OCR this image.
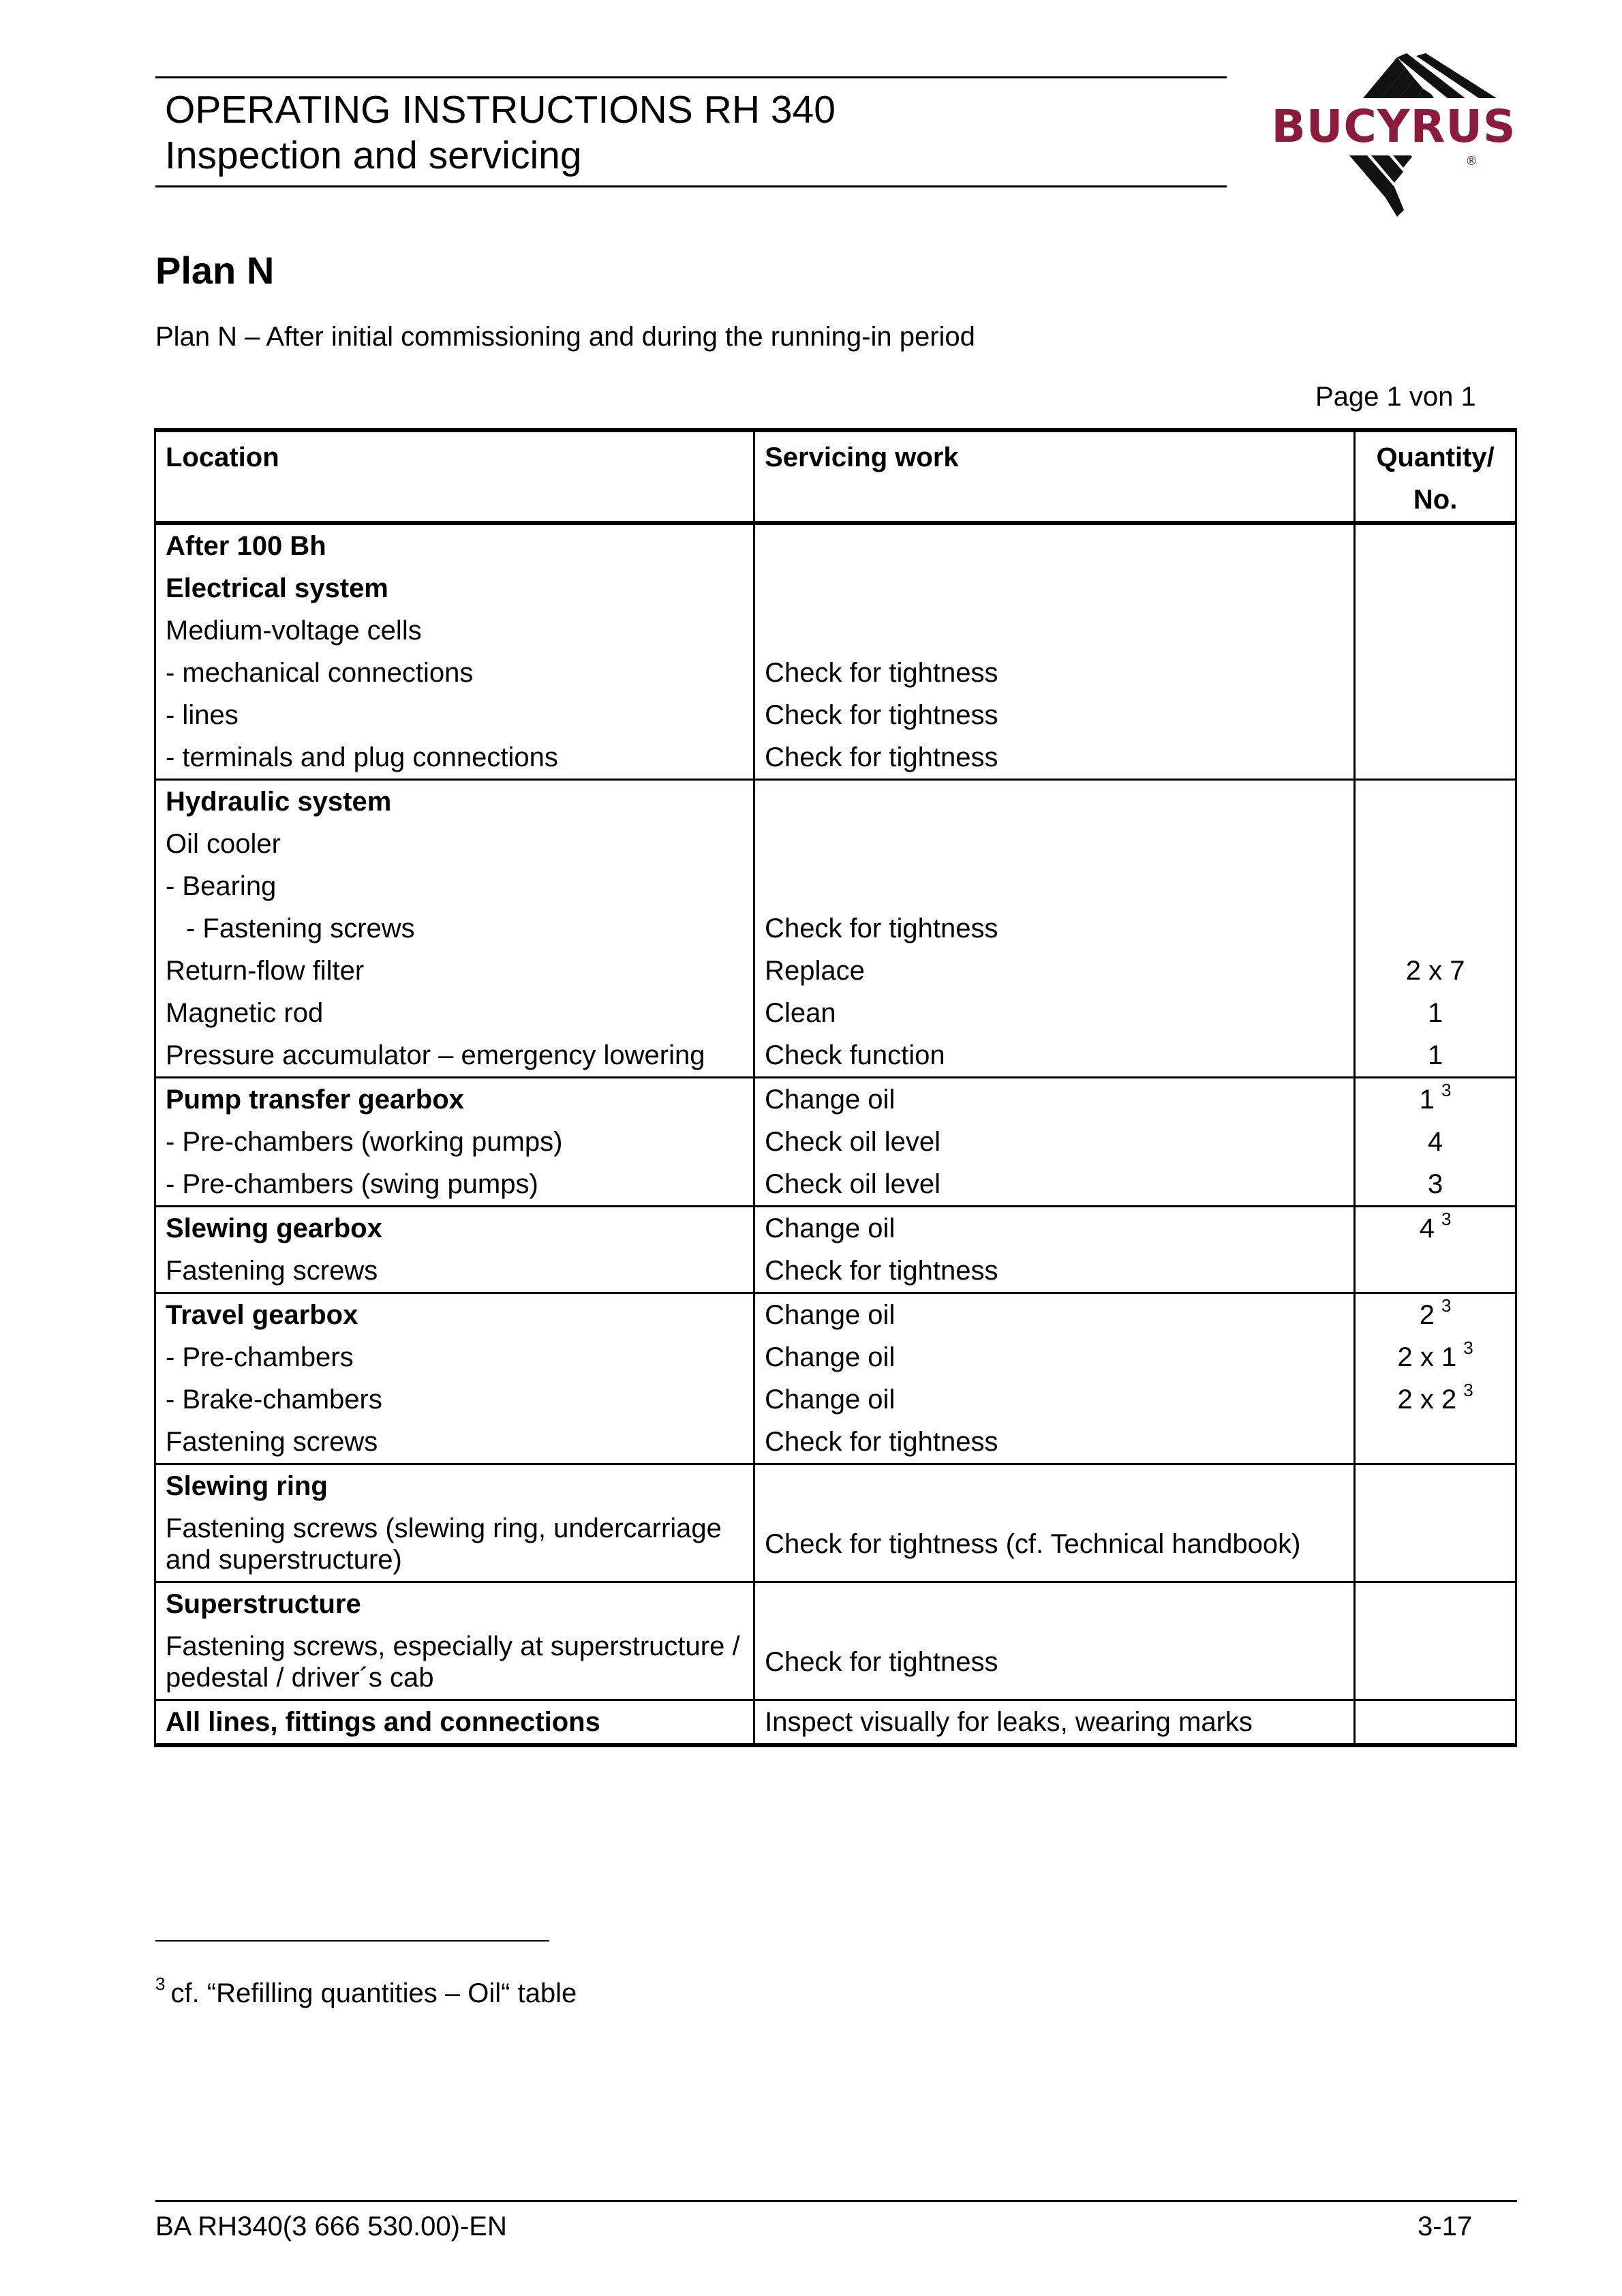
OPERATING INSTRUCTIONS RH 340
Inspection and servicing
BUCYRUS
®
Plan N
Plan N – After initial commissioning and during the running-in period
Page 1 von 1
Location	Servicing work	Quantity/
No.
After 100 Bh		
Electrical system		
Medium-voltage cells		
- mechanical connections	Check for tightness	
- lines	Check for tightness	
- terminals and plug connections	Check for tightness	
Hydraulic system		
Oil cooler		
- Bearing		
- Fastening screws	Check for tightness	
Return-flow filter	Replace	2 x 7
Magnetic rod	Clean	1
Pressure accumulator – emergency lowering	Check function	1
Pump transfer gearbox	Change oil	1 $^3$
- Pre-chambers (working pumps)	Check oil level	4
- Pre-chambers (swing pumps)	Check oil level	3
Slewing gearbox	Change oil	4 $^3$
Fastening screws	Check for tightness	
Travel gearbox	Change oil	2 $^3$
- Pre-chambers	Change oil	2 x 1 $^3$
- Brake-chambers	Change oil	2 x 2 $^3$
Fastening screws	Check for tightness	
Slewing ring		
Fastening screws (slewing ring, undercarriage and superstructure)	Check for tightness (cf. Technical handbook)	
Superstructure		
Fastening screws, especially at superstructure / pedestal / driver´s cab	Check for tightness	
All lines, fittings and connections	Inspect visually for leaks, wearing marks	
$^3$ cf. “Refilling quantities – Oil“ table
BA RH340(3 666 530.00)-EN	3-17
